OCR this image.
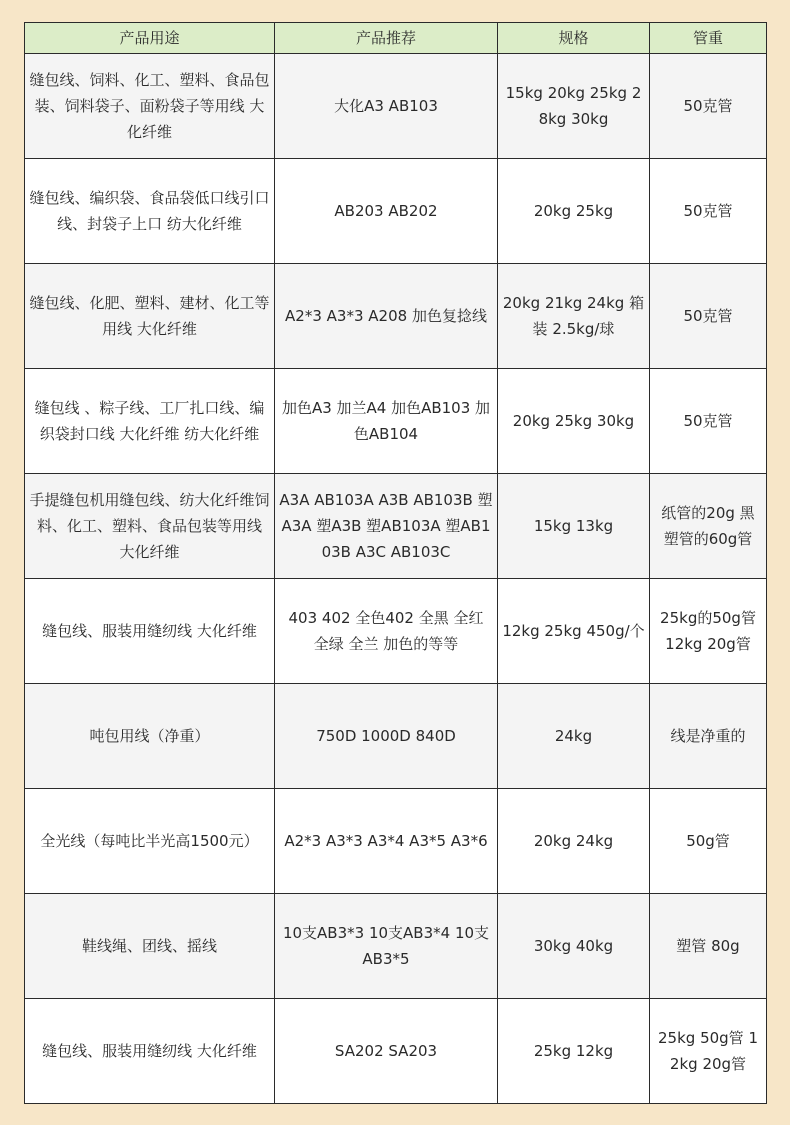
产品用途	产品推荐	规格	管重
缝包线、饲料、化工、塑料、食品包装、饲料袋子、面粉袋子等用线 大化纤维	大化A3 AB103	15kg 20kg 25kg 28kg 30kg	50克管
缝包线、编织袋、食品袋低口线引口线、封袋子上口 纺大化纤维	AB203 AB202	20kg 25kg	50克管
缝包线、化肥、塑料、建材、化工等用线 大化纤维	A2*3 A3*3 A208 加色复捻线	20kg 21kg 24kg 箱装 2.5kg/球	50克管
缝包线 、粽子线、工厂扎口线、编织袋封口线 大化纤维 纺大化纤维	加色A3 加兰A4 加色AB103 加色AB104	20kg 25kg 30kg	50克管
手提缝包机用缝包线、纺大化纤维饲料、化工、塑料、食品包装等用线 大化纤维	A3A AB103A A3B AB103B 塑A3A 塑A3B 塑AB103A 塑AB103B A3C AB103C	15kg 13kg	纸管的20g 黑塑管的60g管
缝包线、服装用缝纫线 大化纤维	403 402 全色402 全黑 全红 全绿 全兰 加色的等等	12kg 25kg 450g/个	25kg的50g管 12kg 20g管
吨包用线（净重）	750D 1000D 840D	24kg	线是净重的
全光线（每吨比半光高1500元）	A2*3 A3*3 A3*4 A3*5 A3*6	20kg 24kg	50g管
鞋线绳、团线、摇线	10支AB3*3 10支AB3*4 10支AB3*5	30kg 40kg	塑管 80g
缝包线、服装用缝纫线 大化纤维	SA202 SA203	25kg 12kg	25kg 50g管 12kg 20g管
